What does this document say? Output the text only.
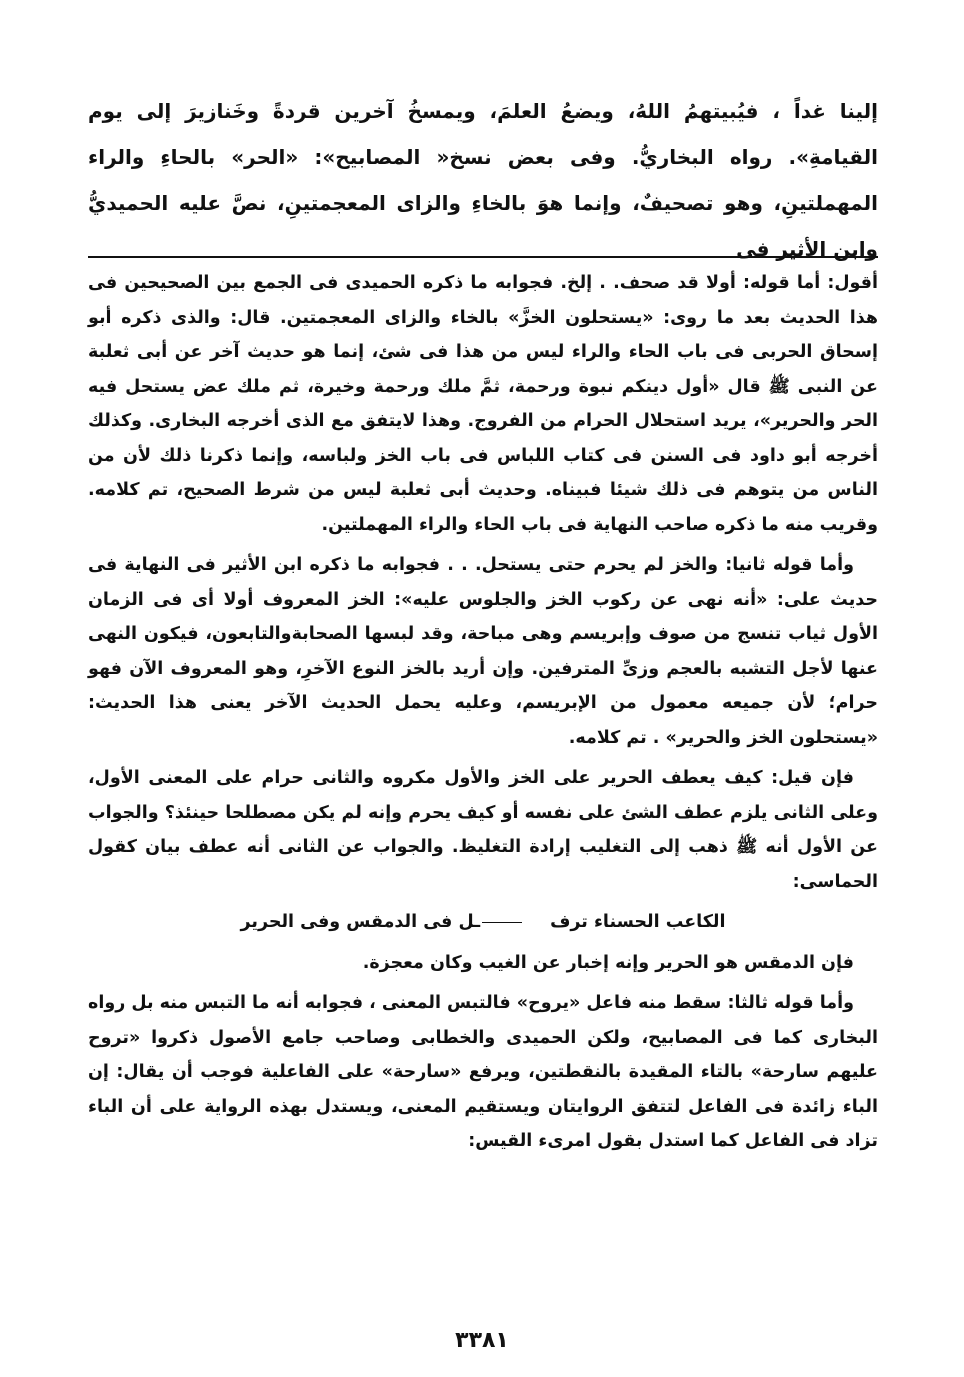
إلينا غداً ، فيُبيتهمُ اللهُ، ويضعُ العلمَ، ويمسخُ آخرين قردةً وخَنازيرَ إلى يوم القيامةِ». رواه البخاريُّ. وفى بعض نسخ« المصابيح»: «الحر» بالحاءِ والراء المهملتينِ، وهو تصحيفٌ، وإنما هوَ بالخاءِ والزاى المعجمتينِ، نصَّ عليه الحميديُّ وابن الأثير فى

أقول: أما قوله: أولا قد صحف. . إلخ. فجوابه ما ذكره الحميدى فى الجمع بين الصحيحين فى هذا الحديث بعد ما روى: «يستحلون الخزَّ» بالخاء والزاى المعجمتين. قال: والذى ذكره أبو إسحاق الحربى فى باب الحاء والراء ليس من هذا فى شئ، إنما هو حديث آخر عن أبى ثعلبة عن النبى ﷺ قال «أول دينكم نبوة ورحمة، ثمَّ ملك ورحمة وخيرة، ثم ملك عض يستحل فيه الحر والحرير»، يريد استحلال الحرام من الفروج. وهذا لايتفق مع الذى أخرجه البخارى. وكذلك أخرجه أبو داود فى السنن فى كتاب اللباس فى باب الخز ولباسه، وإنما ذكرنا ذلك لأن من الناس من يتوهم فى ذلك شيئا فبيناه. وحديث أبى ثعلبة ليس من شرط الصحيح، تم كلامه. وقريب منه ما ذكره صاحب النهاية فى باب الحاء والراء المهملتين.

وأما قوله ثانيا: والخز لم يحرم حتى يستحل. . . فجوابه ما ذكره ابن الأثير فى النهاية فى حديث على: «أنه نهى عن ركوب الخز والجلوس عليه»: الخز المعروف أولا أى فى الزمان الأول ثياب تنسج من صوف وإبريسم وهى مباحة، وقد لبسها الصحابةوالتابعون، فيكون النهى عنها لأجل التشبه بالعجم وزىِّ المترفين. وإن أريد بالخز النوع الآخرِ، وهو المعروف الآن فهو حرام؛ لأن جميعه معمول من الإبريسم، وعليه يحمل الحديث الآخر يعنى هذا الحديث: «يستحلون الخز والحرير» . تم كلامه.

فإن قيل: كيف يعطف الحرير على الخز والأول مكروه والثانى حرام على المعنى الأول، وعلى الثانى يلزم عطف الشئ على نفسه أو كيف يحرم وإنه لم يكن مصطلحا حينئذ؟ والجواب عن الأول أنه ﷺ ذهب إلى التغليب إرادة التغليظ. والجواب عن الثانى أنه عطف بيان كقول الحماسى:

الكاعب الحسناء ترف
ـل فى الدمقس وفى الحرير

فإن الدمقس هو الحرير وإنه إخبار عن الغيب وكان معجزة.

وأما قوله ثالثا: سقط منه فاعل «يروح» فالتبس المعنى ، فجوابه أنه ما التبس منه بل رواه البخارى كما فى المصابيح، ولكن الحميدى والخطابى وصاحب جامع الأصول ذكروا «تروح عليهم سارحة» بالتاء المقيدة بالنقطتين، ويرفع «سارحة» على الفاعلية فوجب أن يقال: إن الباء زائدة فى الفاعل لتتفق الروايتان ويستقيم المعنى، ويستدل بهذه الرواية على أن الباء تزاد فى الفاعل كما استدل بقول امرىء القيس:

٣٣٨١
